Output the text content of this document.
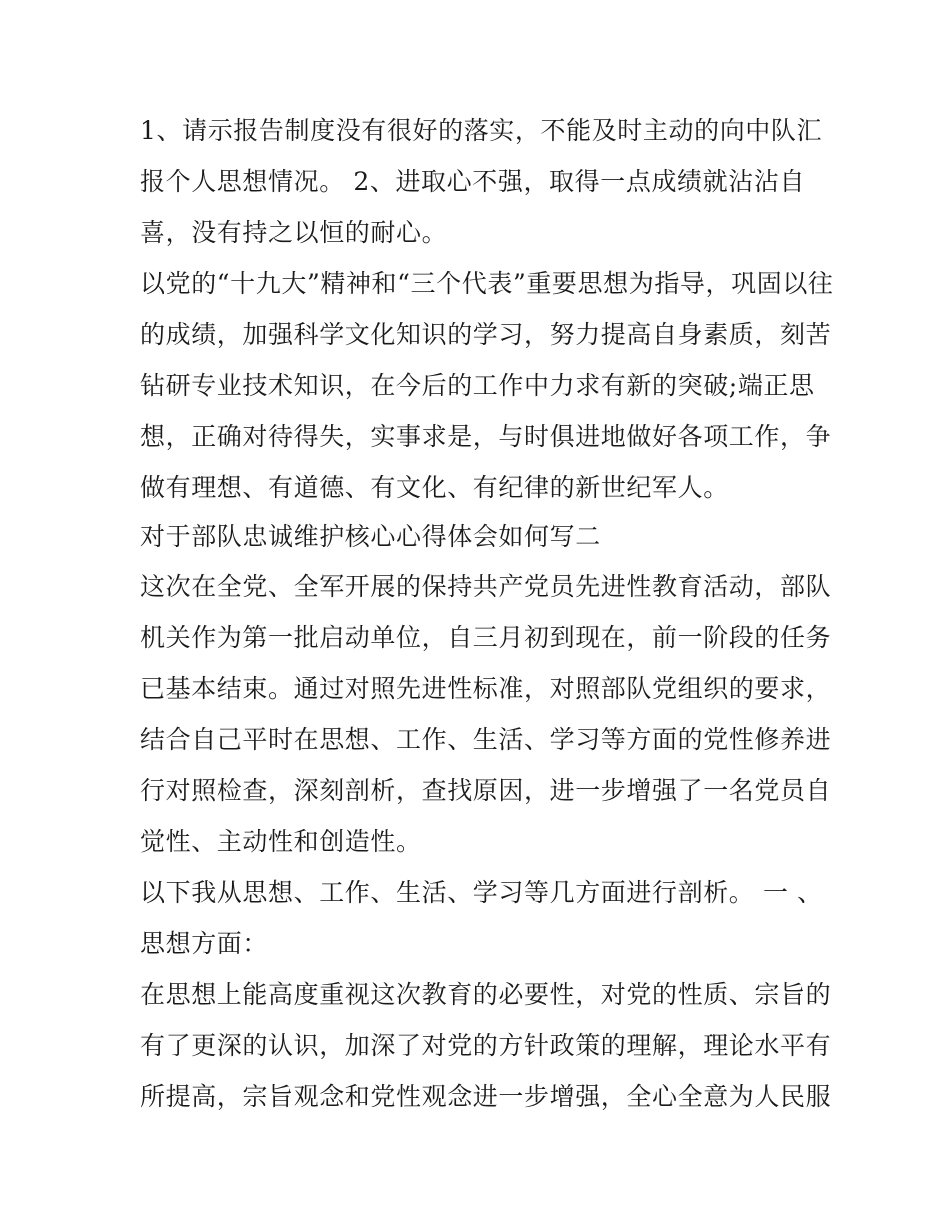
1、请示报告制度没有很好的落实，不能及时主动的向中队汇
报个人思想情况。 2、进取心不强，取得一点成绩就沾沾自
喜，没有持之以恒的耐心。
以党的“十九大”精神和“三个代表”重要思想为指导，巩固以往
的成绩，加强科学文化知识的学习，努力提高自身素质，刻苦
钻研专业技术知识，在今后的工作中力求有新的突破;端正思
想，正确对待得失，实事求是，与时俱进地做好各项工作，争
做有理想、有道德、有文化、有纪律的新世纪军人。
对于部队忠诚维护核心心得体会如何写二
这次在全党、全军开展的保持共产党员先进性教育活动，部队
机关作为第一批启动单位，自三月初到现在，前一阶段的任务
已基本结束。通过对照先进性标准，对照部队党组织的要求，
结合自己平时在思想、工作、生活、学习等方面的党性修养进
行对照检查，深刻剖析，查找原因，进一步增强了一名党员自
觉性、主动性和创造性。
以下我从思想、工作、生活、学习等几方面进行剖析。 一 、
思想方面：
在思想上能高度重视这次教育的必要性，对党的性质、宗旨的
有了更深的认识，加深了对党的方针政策的理解，理论水平有
所提高，宗旨观念和党性观念进一步增强，全心全意为人民服
